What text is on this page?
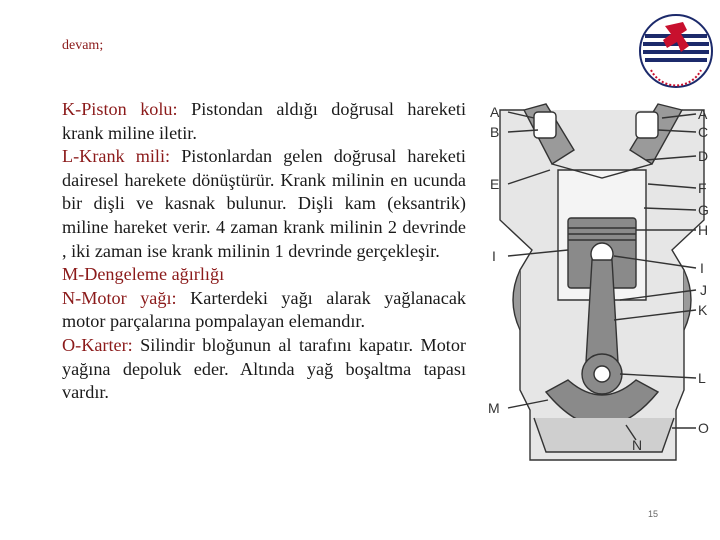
devam;

K-Piston kolu: Pistondan aldığı doğrusal hareketi krank miline iletir.

L-Krank mili: Pistonlardan gelen doğrusal hareketi dairesel harekete dönüştürür. Krank milinin en ucunda bir dişli ve kasnak bulunur. Dişli kam (eksantrik) miline hareket verir. 4 zaman krank milinin 2 devrinde , iki zaman ise krank milinin 1 devrinde gerçekleşir.

M-Dengeleme ağırlığı

N-Motor yağı: Karterdeki yağı alarak yağlanacak motor parçalarına pompalayan elemandır.

O-Karter: Silindir bloğunun al tarafını kapatır. Motor yağına depoluk eder. Altında yağ boşaltma tapası vardır.

A
B
E
I
M
A
C
D
F
G
H
I
J
K
L
O
N
15
